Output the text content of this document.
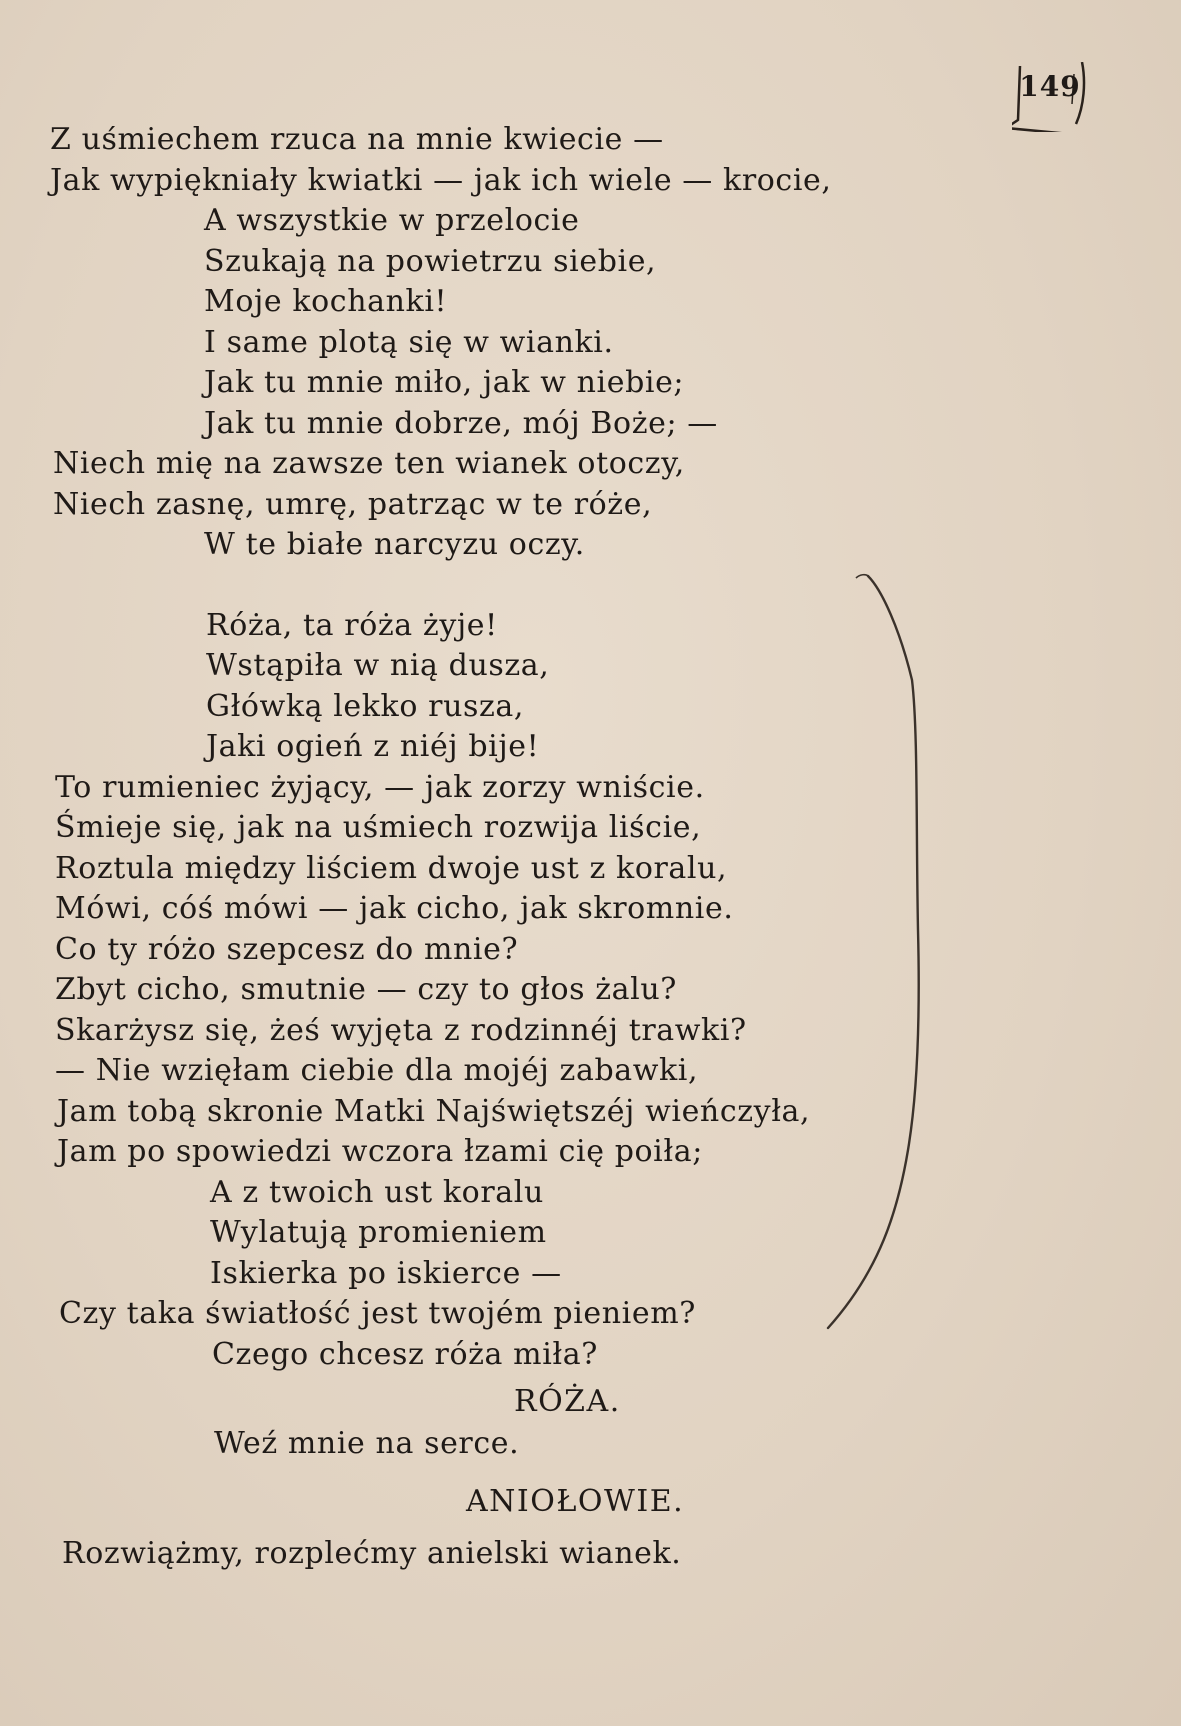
149
Z uśmiechem rzuca na mnie kwiecie —
Jak wypiękniały kwiatki — jak ich wiele — krocie,
A wszystkie w przelocie
Szukają na powietrzu siebie,
Moje kochanki!
I same plotą się w wianki.
Jak tu mnie miło, jak w niebie;
Jak tu mnie dobrze, mój Boże; —
Niech mię na zawsze ten wianek otoczy,
Niech zasnę, umrę, patrząc w te róże,
W te białe narcyzu oczy.
Róża, ta róża żyje!
Wstąpiła w nią dusza,
Główką lekko rusza,
Jaki ogień z niéj bije!
To rumieniec żyjący, — jak zorzy wniście.
Śmieje się, jak na uśmiech rozwija liście,
Roztula między liściem dwoje ust z koralu,
Mówi, cóś mówi — jak cicho, jak skromnie.
Co ty różo szepcesz do mnie?
Zbyt cicho, smutnie — czy to głos żalu?
Skarżysz się, żeś wyjęta z rodzinnéj trawki?
— Nie wzięłam ciebie dla mojéj zabawki,
Jam tobą skronie Matki Najświętszéj wieńczyła,
Jam po spowiedzi wczora łzami cię poiła;
A z twoich ust koralu
Wylatują promieniem
Iskierka po iskierce —
Czy taka światłość jest twojém pieniem?
Czego chcesz róża miła?
RÓŻA.
Weź mnie na serce.
ANIOŁOWIE.
Rozwiążmy, rozplećmy anielski wianek.
